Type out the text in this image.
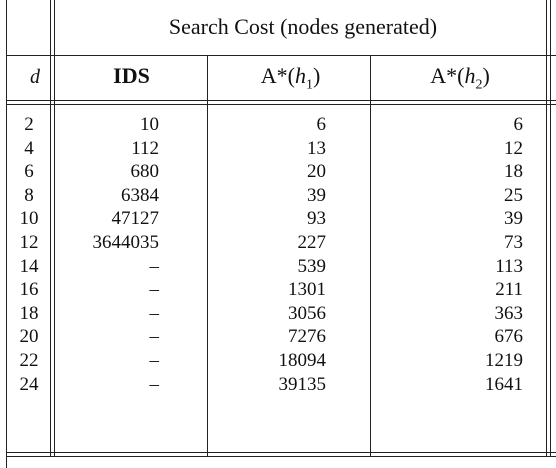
Search Cost (nodes generated)
d	IDS	$A*(h_1)$	$A*(h_2)$
2	10	6	6
4	112	13	12
6	680	20	18
8	6384	39	25
10	47127	93	39
12	3644035	227	73
14	–	539	113
16	–	1301	211
18	–	3056	363
20	–	7276	676
22	–	18094	1219
24	–	39135	1641
